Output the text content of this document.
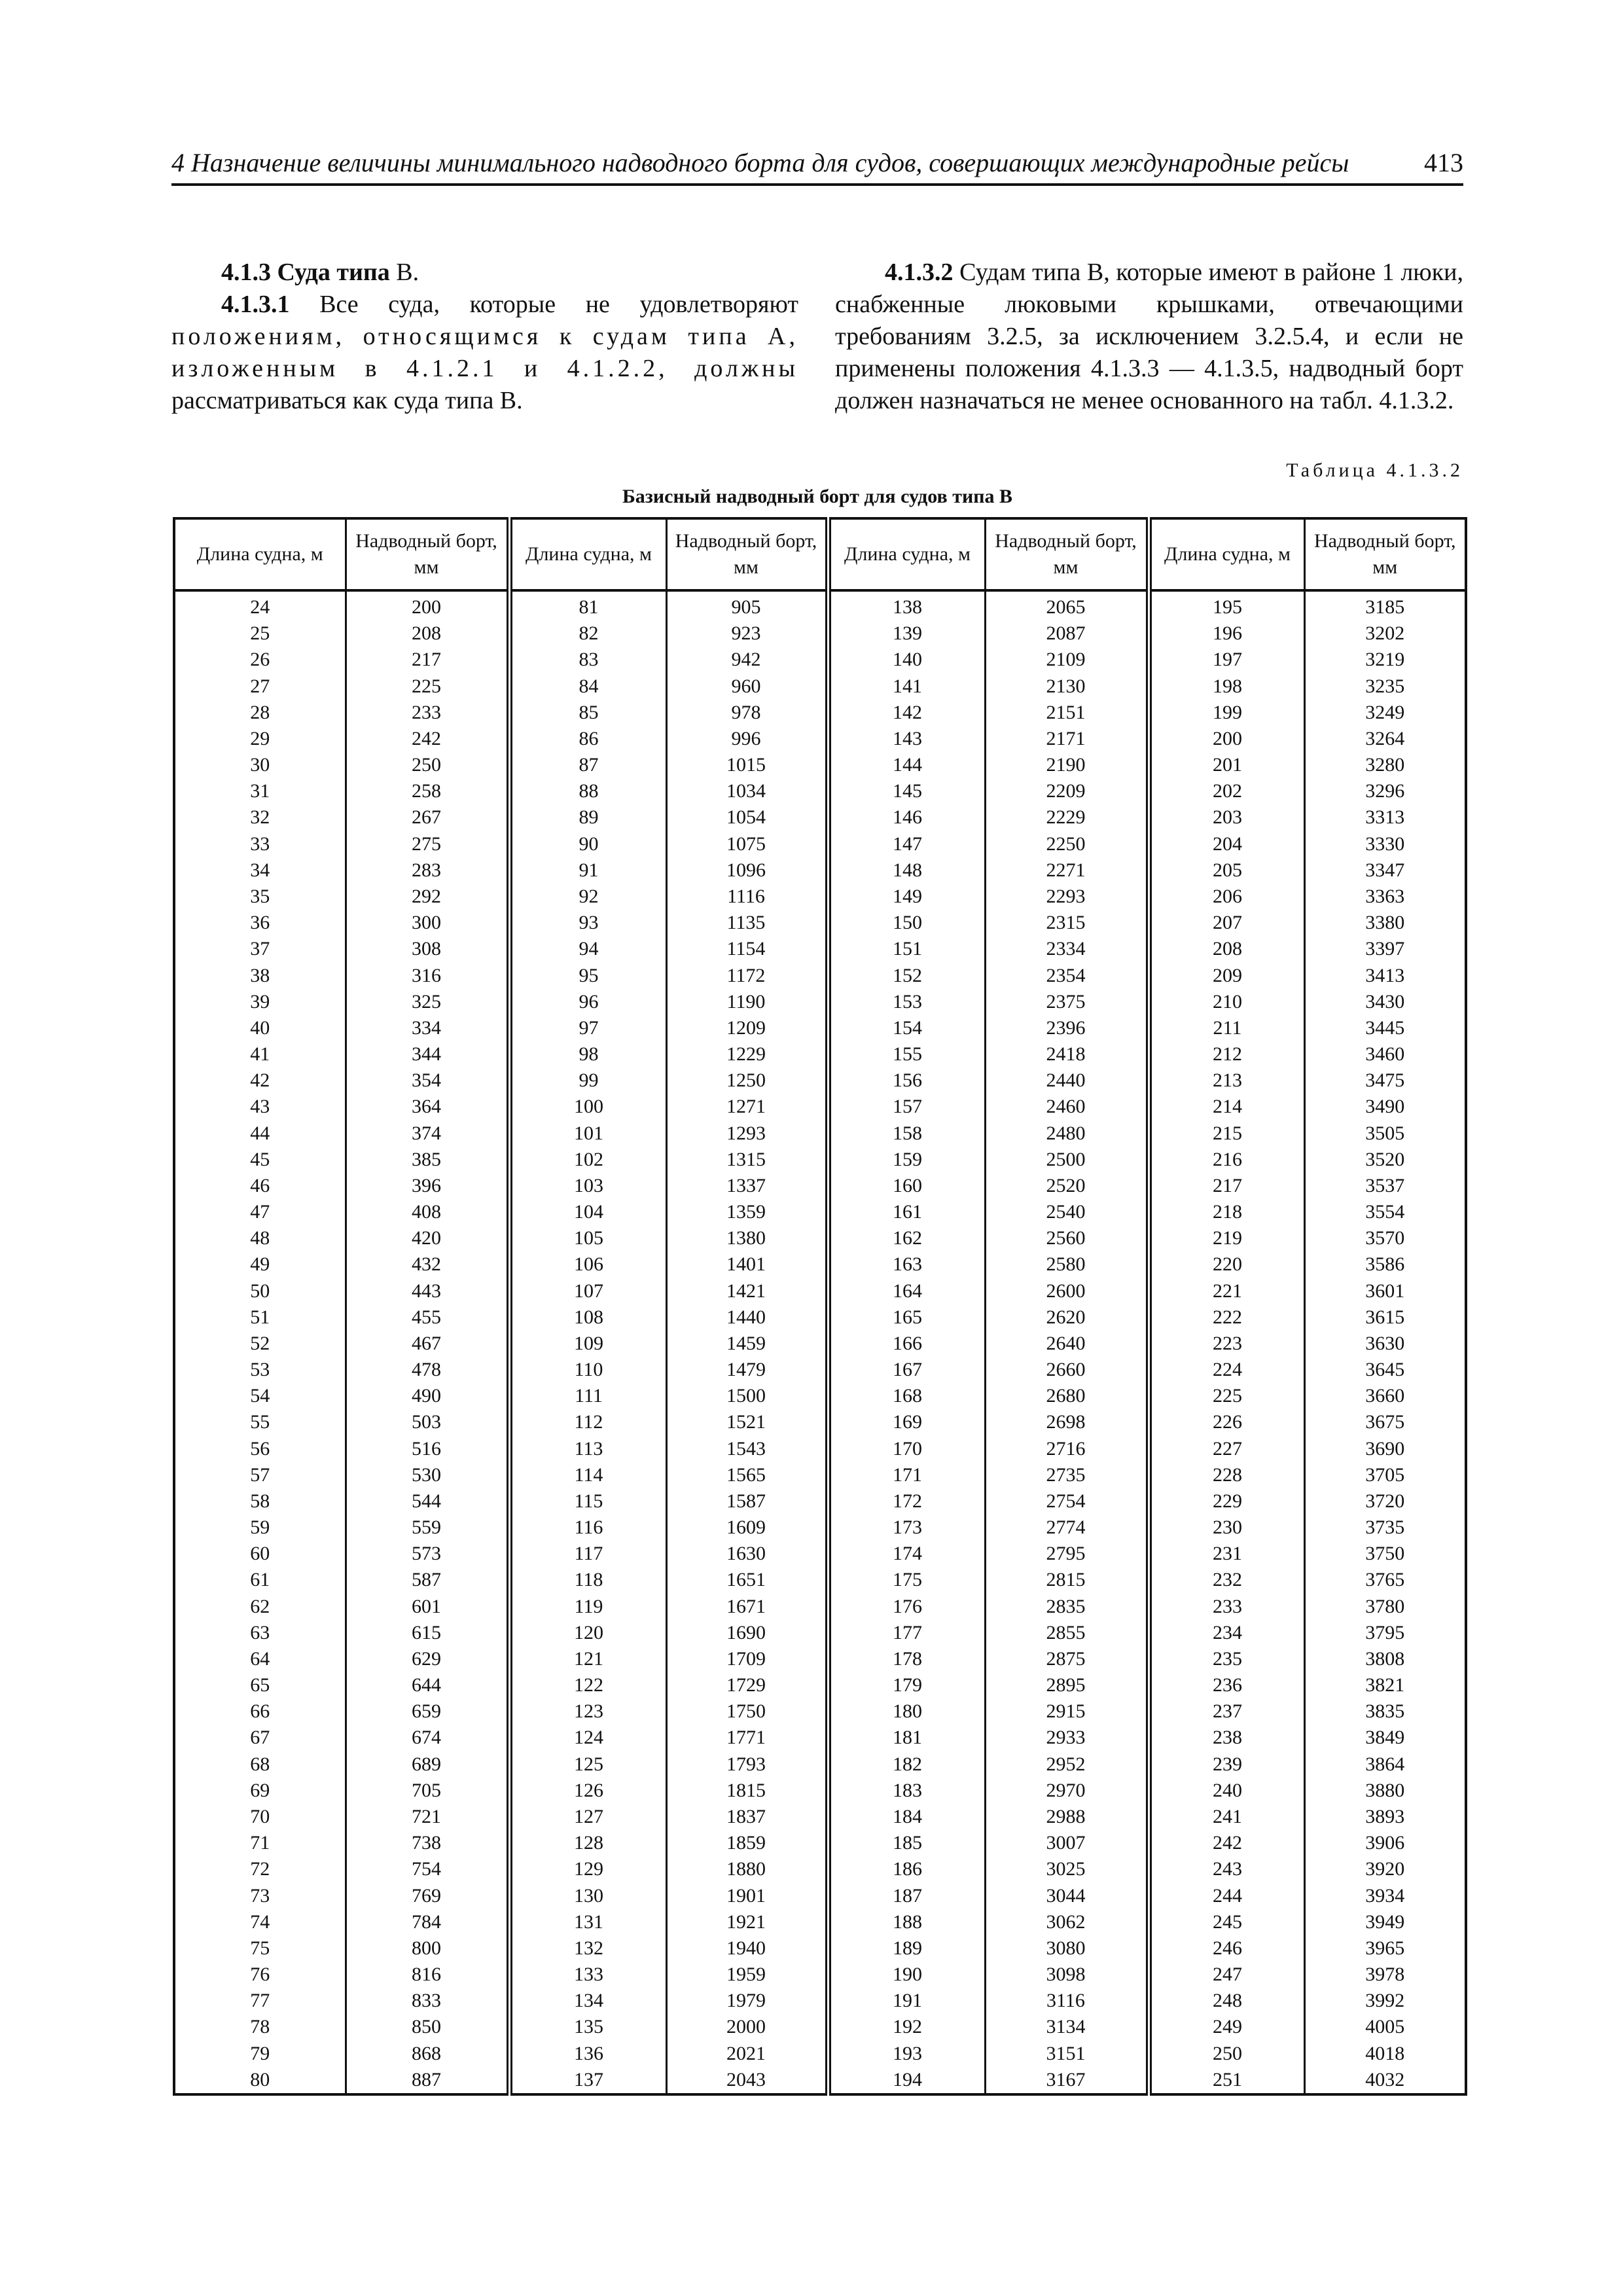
4 Назначение величины минимального надводного борта для судов, совершающих международные рейсы	413

4.1.3 Суда типа В.

4.1.3.1 Все суда, которые не удовлетворяют положениям, относящимся к судам типа А, изложенным в 4.1.2.1 и 4.1.2.2, должны рассматриваться как суда типа В.

4.1.3.2 Судам типа В, которые имеют в районе 1 люки, снабженные люковыми крышками, отвечающими требованиям 3.2.5, за исключением 3.2.5.4, и если не применены положения 4.1.3.3 — 4.1.3.5, надводный борт должен назначаться не менее основанного на табл. 4.1.3.2.

Таблица 4.1.3.2
Базисный надводный борт для судов типа В
Длина судна, м	Надводный борт, мм	Длина судна, м	Надводный борт, мм	Длина судна, м	Надводный борт, мм	Длина судна, м	Надводный борт, мм
24	200	81	905	138	2065	195	3185
25	208	82	923	139	2087	196	3202
26	217	83	942	140	2109	197	3219
27	225	84	960	141	2130	198	3235
28	233	85	978	142	2151	199	3249
29	242	86	996	143	2171	200	3264
30	250	87	1015	144	2190	201	3280
31	258	88	1034	145	2209	202	3296
32	267	89	1054	146	2229	203	3313
33	275	90	1075	147	2250	204	3330
34	283	91	1096	148	2271	205	3347
35	292	92	1116	149	2293	206	3363
36	300	93	1135	150	2315	207	3380
37	308	94	1154	151	2334	208	3397
38	316	95	1172	152	2354	209	3413
39	325	96	1190	153	2375	210	3430
40	334	97	1209	154	2396	211	3445
41	344	98	1229	155	2418	212	3460
42	354	99	1250	156	2440	213	3475
43	364	100	1271	157	2460	214	3490
44	374	101	1293	158	2480	215	3505
45	385	102	1315	159	2500	216	3520
46	396	103	1337	160	2520	217	3537
47	408	104	1359	161	2540	218	3554
48	420	105	1380	162	2560	219	3570
49	432	106	1401	163	2580	220	3586
50	443	107	1421	164	2600	221	3601
51	455	108	1440	165	2620	222	3615
52	467	109	1459	166	2640	223	3630
53	478	110	1479	167	2660	224	3645
54	490	111	1500	168	2680	225	3660
55	503	112	1521	169	2698	226	3675
56	516	113	1543	170	2716	227	3690
57	530	114	1565	171	2735	228	3705
58	544	115	1587	172	2754	229	3720
59	559	116	1609	173	2774	230	3735
60	573	117	1630	174	2795	231	3750
61	587	118	1651	175	2815	232	3765
62	601	119	1671	176	2835	233	3780
63	615	120	1690	177	2855	234	3795
64	629	121	1709	178	2875	235	3808
65	644	122	1729	179	2895	236	3821
66	659	123	1750	180	2915	237	3835
67	674	124	1771	181	2933	238	3849
68	689	125	1793	182	2952	239	3864
69	705	126	1815	183	2970	240	3880
70	721	127	1837	184	2988	241	3893
71	738	128	1859	185	3007	242	3906
72	754	129	1880	186	3025	243	3920
73	769	130	1901	187	3044	244	3934
74	784	131	1921	188	3062	245	3949
75	800	132	1940	189	3080	246	3965
76	816	133	1959	190	3098	247	3978
77	833	134	1979	191	3116	248	3992
78	850	135	2000	192	3134	249	4005
79	868	136	2021	193	3151	250	4018
80	887	137	2043	194	3167	251	4032
